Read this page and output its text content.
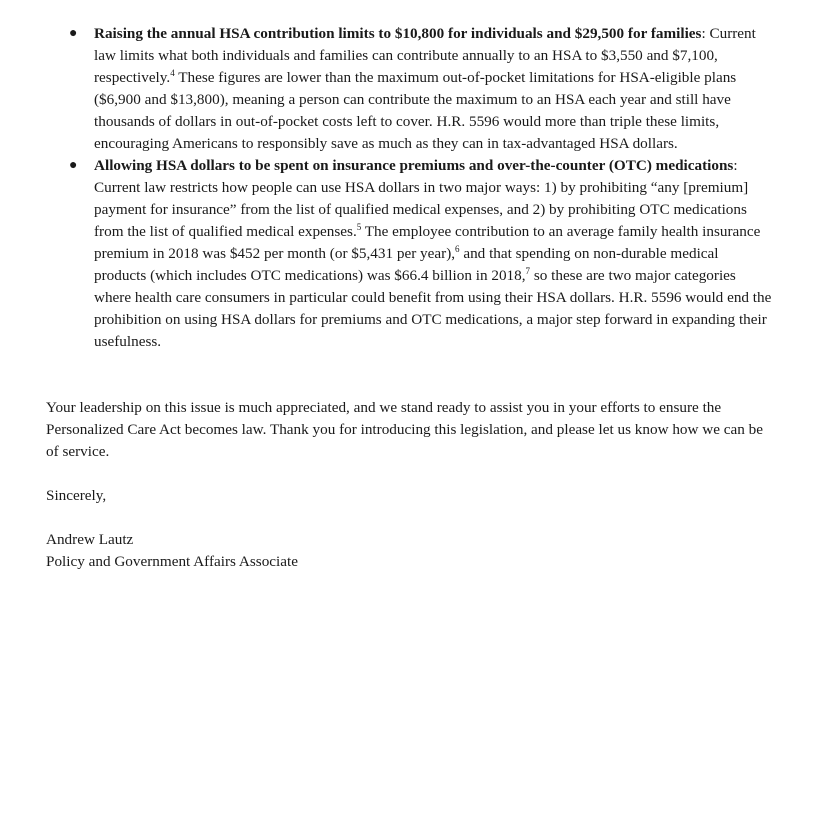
● Raising the annual HSA contribution limits to $10,800 for individuals and $29,500 for families: Current law limits what both individuals and families can contribute annually to an HSA to $3,550 and $7,100, respectively.$^4$ These figures are lower than the maximum out-of-pocket limitations for HSA-eligible plans ($6,900 and $13,800), meaning a person can contribute the maximum to an HSA each year and still have thousands of dollars in out-of-pocket costs left to cover. H.R. 5596 would more than triple these limits, encouraging Americans to responsibly save as much as they can in tax-advantaged HSA dollars.
● Allowing HSA dollars to be spent on insurance premiums and over-the-counter (OTC) medications: Current law restricts how people can use HSA dollars in two major ways: 1) by prohibiting “any [premium] payment for insurance” from the list of qualified medical expenses, and 2) by prohibiting OTC medications from the list of qualified medical expenses.$^5$ The employee contribution to an average family health insurance premium in 2018 was $452 per month (or $5,431 per year),$^6$ and that spending on non-durable medical products (which includes OTC medications) was $66.4 billion in 2018,$^7$ so these are two major categories where health care consumers in particular could benefit from using their HSA dollars. H.R. 5596 would end the prohibition on using HSA dollars for premiums and OTC medications, a major step forward in expanding their usefulness.

Your leadership on this issue is much appreciated, and we stand ready to assist you in your efforts to ensure the Personalized Care Act becomes law. Thank you for introducing this legislation, and please let us know how we can be of service.

Sincerely,

Andrew Lautz
Policy and Government Affairs Associate
